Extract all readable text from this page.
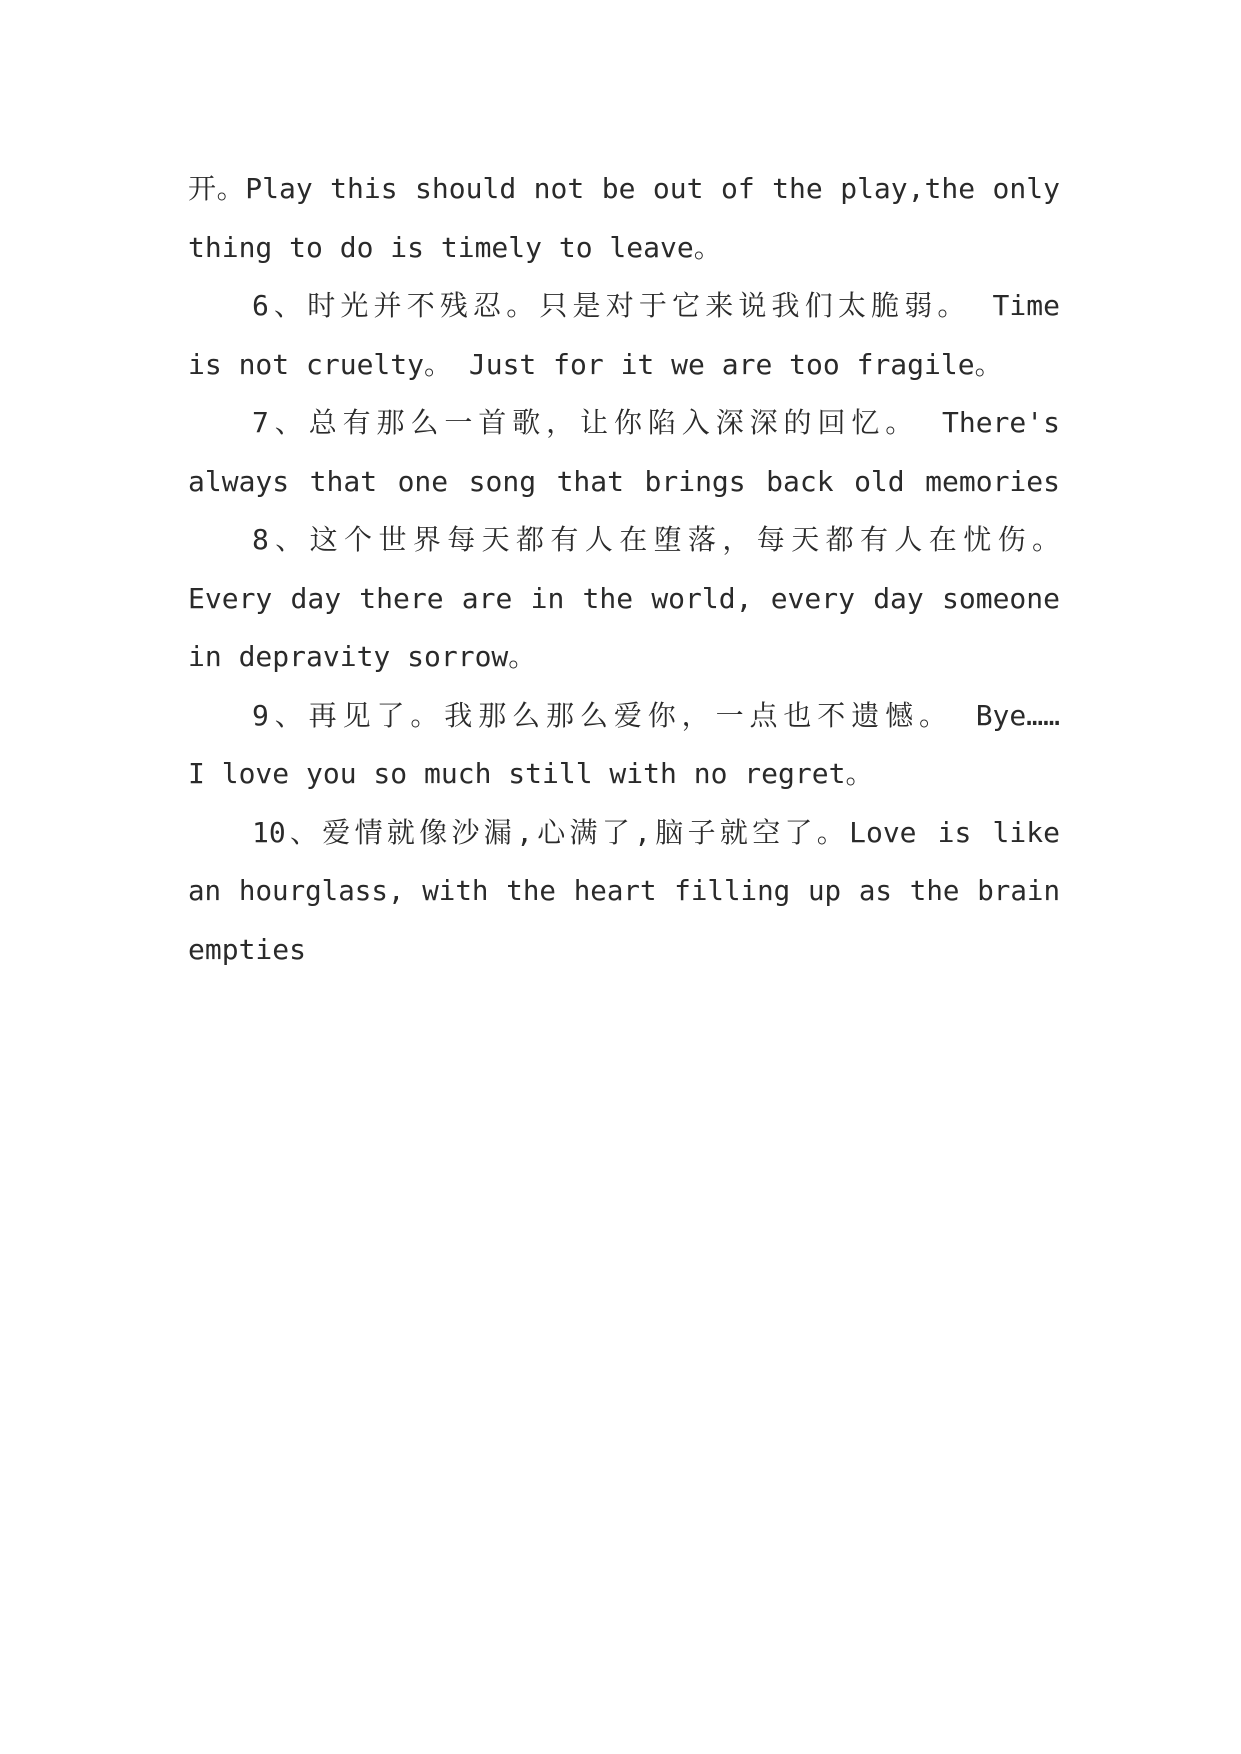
开。Play this should not be out of the play,the only
thing to do is timely to leave。
6、时光并不残忍。只是对于它来说我们太脆弱。 Time
is not cruelty。 Just for it we are too fragile。
7、总有那么一首歌，让你陷入深深的回忆。 There's
always that one song that brings back old memories
8、这个世界每天都有人在堕落，每天都有人在忧伤。
Every day there are in the world, every day someone
in depravity sorrow。
9、再见了。我那么那么爱你，一点也不遗憾。 Bye……
I love you so much still with no regret。
10、爱情就像沙漏,心满了,脑子就空了。Love is like
an hourglass, with the heart filling up as the brain
empties
